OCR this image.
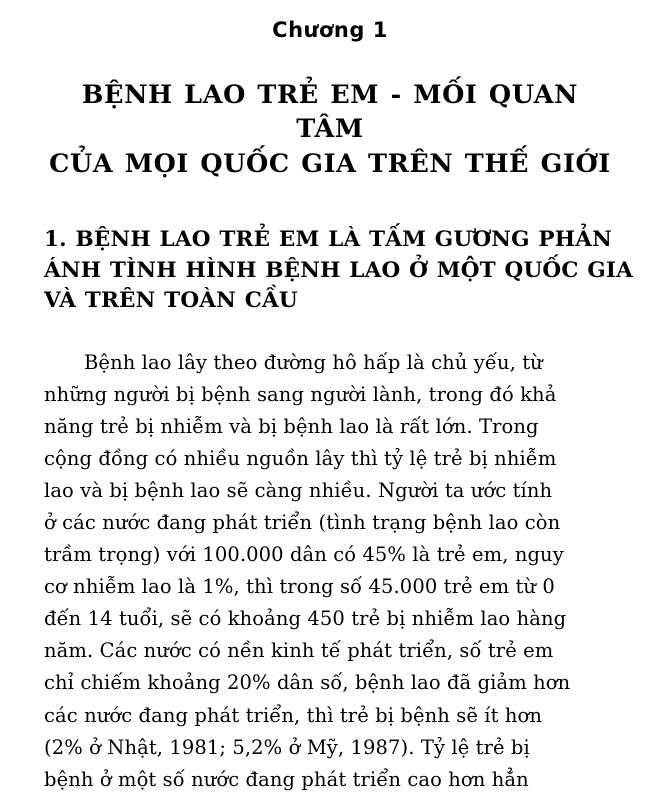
Chương 1
BỆNH LAO TRẺ EM - MỐI QUAN TÂM
CỦA MỌI QUỐC GIA TRÊN THẾ GIỚI
1. BỆNH LAO TRẺ EM LÀ TẤM GƯƠNG PHẢN
ÁNH TÌNH HÌNH BỆNH LAO Ở MỘT QUỐC GIA
VÀ TRÊN TOÀN CẦU

Bệnh lao lây theo đường hô hấp là chủ yếu, từ
những người bị bệnh sang người lành, trong đó khả
năng trẻ bị nhiễm và bị bệnh lao là rất lớn. Trong
cộng đồng có nhiều nguồn lây thì tỷ lệ trẻ bị nhiễm
lao và bị bệnh lao sẽ càng nhiều. Người ta ước tính
ở các nước đang phát triển (tình trạng bệnh lao còn
trầm trọng) với 100.000 dân có 45% là trẻ em, nguy
cơ nhiễm lao là 1%, thì trong số 45.000 trẻ em từ 0
đến 14 tuổi, sẽ có khoảng 450 trẻ bị nhiễm lao hàng
năm. Các nước có nền kinh tế phát triển, số trẻ em
chỉ chiếm khoảng 20% dân số, bệnh lao đã giảm hơn
các nước đang phát triển, thì trẻ bị bệnh sẽ ít hơn
(2% ở Nhật, 1981; 5,2% ở Mỹ, 1987). Tỷ lệ trẻ bị
bệnh ở một số nước đang phát triển cao hơn hẳn
